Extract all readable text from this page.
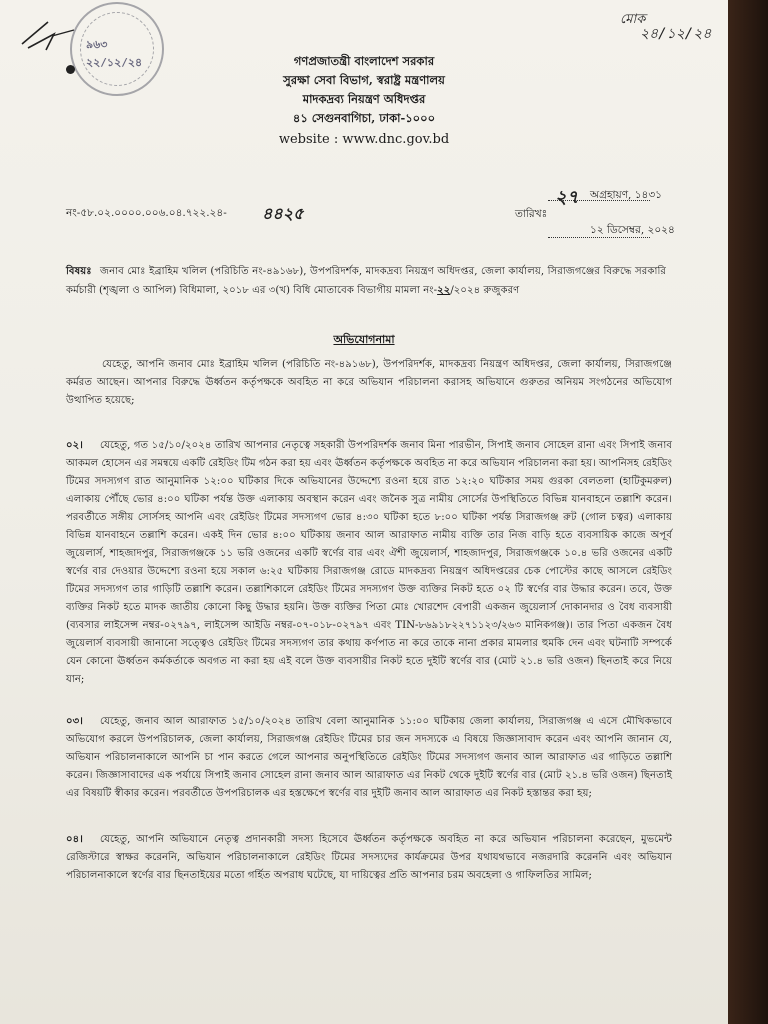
৯৬৩
২২/১২/২৪
মোক
২৪/১২/২৪
গণপ্রজাতন্ত্রী বাংলাদেশ সরকার
সুরক্ষা সেবা বিভাগ, স্বরাষ্ট্র মন্ত্রণালয়
মাদকদ্রব্য নিয়ন্ত্রণ অধিদপ্তর
৪১ সেগুনবাগিচা, ঢাকা-১০০০
website : www.dnc.gov.bd
নং-৫৮.০২.০০০০.০০৬.০৪.৭২২.২৪- ৪৪২৫
২৭ অগ্রহায়ণ, ১৪৩১
তারিখঃ
১২ ডিসেম্বর, ২০২৪
বিষয়ঃ জনাব মোঃ ইব্রাহিম খলিল (পরিচিতি নং-৪৯১৬৮), উপপরিদর্শক, মাদকদ্রব্য নিয়ন্ত্রণ অধিদপ্তর, জেলা কার্যালয়, সিরাজগঞ্জের বিরুদ্ধে সরকারি কর্মচারী (শৃঙ্খলা ও আপিল) বিধিমালা, ২০১৮ এর ৩(খ) বিধি মোতাবেক বিভাগীয় মামলা নং-২২/২০২৪ রুজুকরণ
অভিযোগনামা
যেহেতু, আপনি জনাব মোঃ ইব্রাহিম খলিল (পরিচিতি নং-৪৯১৬৮), উপপরিদর্শক, মাদকদ্রব্য নিয়ন্ত্রণ অধিদপ্তর, জেলা কার্যালয়, সিরাজগঞ্জে কর্মরত আছেন। আপনার বিরুদ্ধে ঊর্ধ্বতন কর্তৃপক্ষকে অবহিত না করে অভিযান পরিচালনা করাসহ অভিযানে গুরুতর অনিয়ম সংগঠনের অভিযোগ উত্থাপিত হয়েছে;
০২। যেহেতু, গত ১৫/১০/২০২৪ তারিখ আপনার নেতৃত্বে সহকারী উপপরিদর্শক জনাব মিনা পারভীন, সিপাই জনাব সোহেল রানা এবং সিপাই জনাব আকমল হোসেন এর সমন্বয়ে একটি রেইডিং টিম গঠন করা হয় এবং ঊর্ধ্বতন কর্তৃপক্ষকে অবহিত না করে অভিযান পরিচালনা করা হয়। আপনিসহ রেইডিং টিমের সদস্যগণ রাত আনুমানিক ১২:০০ ঘটিকার দিকে অভিযানের উদ্দেশ্যে রওনা হয়ে রাত ১২:২০ ঘটিকার সময় গুরকা বেলতলা (হাটিকুমরুল) এলাকায় পৌঁছে ভোর ৪:০০ ঘটিকা পর্যন্ত উক্ত এলাকায় অবস্থান করেন এবং জনৈক সুত্র নামীয় সোর্সের উপস্থিতিতে বিভিন্ন যানবাহনে তল্লাশি করেন। পরবর্তীতে সঙ্গীয় সোর্সসহ আপনি এবং রেইডিং টিমের সদস্যগণ ভোর ৪:৩০ ঘটিকা হতে ৮:০০ ঘটিকা পর্যন্ত সিরাজগঞ্জ রুট (গোল চত্বর) এলাকায় বিভিন্ন যানবাহনে তল্লাশি করেন। একই দিন ভোর ৪:০০ ঘটিকায় জনাব আল আরাফাত নামীয় ব্যক্তি তার নিজ বাড়ি হতে ব্যবসায়িক কাজে অপূর্ব জুয়েলার্স, শাহজাদপুর, সিরাজগঞ্জকে ১১ ভরি ওজনের একটি স্বর্ণের বার এবং ঐশী জুয়েলার্স, শাহজাদপুর, সিরাজগঞ্জকে ১০.৪ ভরি ওজনের একটি স্বর্ণের বার দেওয়ার উদ্দেশ্যে রওনা হয়ে সকাল ৬:২৫ ঘটিকায় সিরাজগঞ্জ রোডে মাদকদ্রব্য নিয়ন্ত্রণ অধিদপ্তরের চেক পোস্টের কাছে আসলে রেইডিং টিমের সদস্যগণ তার গাড়িটি তল্লাশি করেন। তল্লাশিকালে রেইডিং টিমের সদস্যগণ উক্ত ব্যক্তির নিকট হতে ০২ টি স্বর্ণের বার উদ্ধার করেন। তবে, উক্ত ব্যক্তির নিকট হতে মাদক জাতীয় কোনো কিছু উদ্ধার হয়নি। উক্ত ব্যক্তির পিতা মোঃ খোরশেদ বেপারী একজন জুয়েলার্স দোকানদার ও বৈধ ব্যবসায়ী (ব্যবসার লাইসেন্স নম্বর-০২৭৯৭, লাইসেন্স আইডি নম্বর-০৭-০১৮-০২৭৯৭ এবং TIN-৮৬৯১৮২২৭১১২৩/২৬৩ মানিকগঞ্জ)। তার পিতা একজন বৈধ জুয়েলার্স ব্যবসায়ী জানানো সত্ত্বেও রেইডিং টিমের সদস্যগণ তার কথায় কর্ণপাত না করে তাকে নানা প্রকার মামলার হুমকি দেন এবং ঘটনাটি সম্পর্কে যেন কোনো ঊর্ধ্বতন কর্মকর্তাকে অবগত না করা হয় এই বলে উক্ত ব্যবসায়ীর নিকট হতে দুইটি স্বর্ণের বার (মোট ২১.৪ ভরি ওজন) ছিনতাই করে নিয়ে যান;
০৩। যেহেতু, জনাব আল আরাফাত ১৫/১০/২০২৪ তারিখ বেলা আনুমানিক ১১:০০ ঘটিকায় জেলা কার্যালয়, সিরাজগঞ্জ এ এসে মৌখিকভাবে অভিযোগ করলে উপপরিচালক, জেলা কার্যালয়, সিরাজগঞ্জ রেইডিং টিমের চার জন সদস্যকে এ বিষয়ে জিজ্ঞাসাবাদ করেন এবং আপনি জানান যে, অভিযান পরিচালনাকালে আপনি চা পান করতে গেলে আপনার অনুপস্থিতিতে রেইডিং টিমের সদস্যগণ জনাব আল আরাফাত এর গাড়িতে তল্লাশি করেন। জিজ্ঞাসাবাদের এক পর্যায়ে সিপাই জনাব সোহেল রানা জনাব আল আরাফাত এর নিকট থেকে দুইটি স্বর্ণের বার (মোট ২১.৪ ভরি ওজন) ছিনতাই এর বিষয়টি স্বীকার করেন। পরবর্তীতে উপপরিচালক এর হস্তক্ষেপে স্বর্ণের বার দুইটি জনাব আল আরাফাত এর নিকট হস্তান্তর করা হয়;
০৪। যেহেতু, আপনি অভিযানে নেতৃত্ব প্রদানকারী সদস্য হিসেবে ঊর্ধ্বতন কর্তৃপক্ষকে অবহিত না করে অভিযান পরিচালনা করেছেন, মুভমেন্ট রেজিস্টারে স্বাক্ষর করেননি, অভিযান পরিচালনাকালে রেইডিং টিমের সদস্যদের কার্যক্রমের উপর যথাযথভাবে নজরদারি করেননি এবং অভিযান পরিচালনাকালে স্বর্ণের বার ছিনতাইয়ের মতো গর্হিত অপরাধ ঘটেছে, যা দায়িত্বের প্রতি আপনার চরম অবহেলা ও গাফিলতির সামিল;
